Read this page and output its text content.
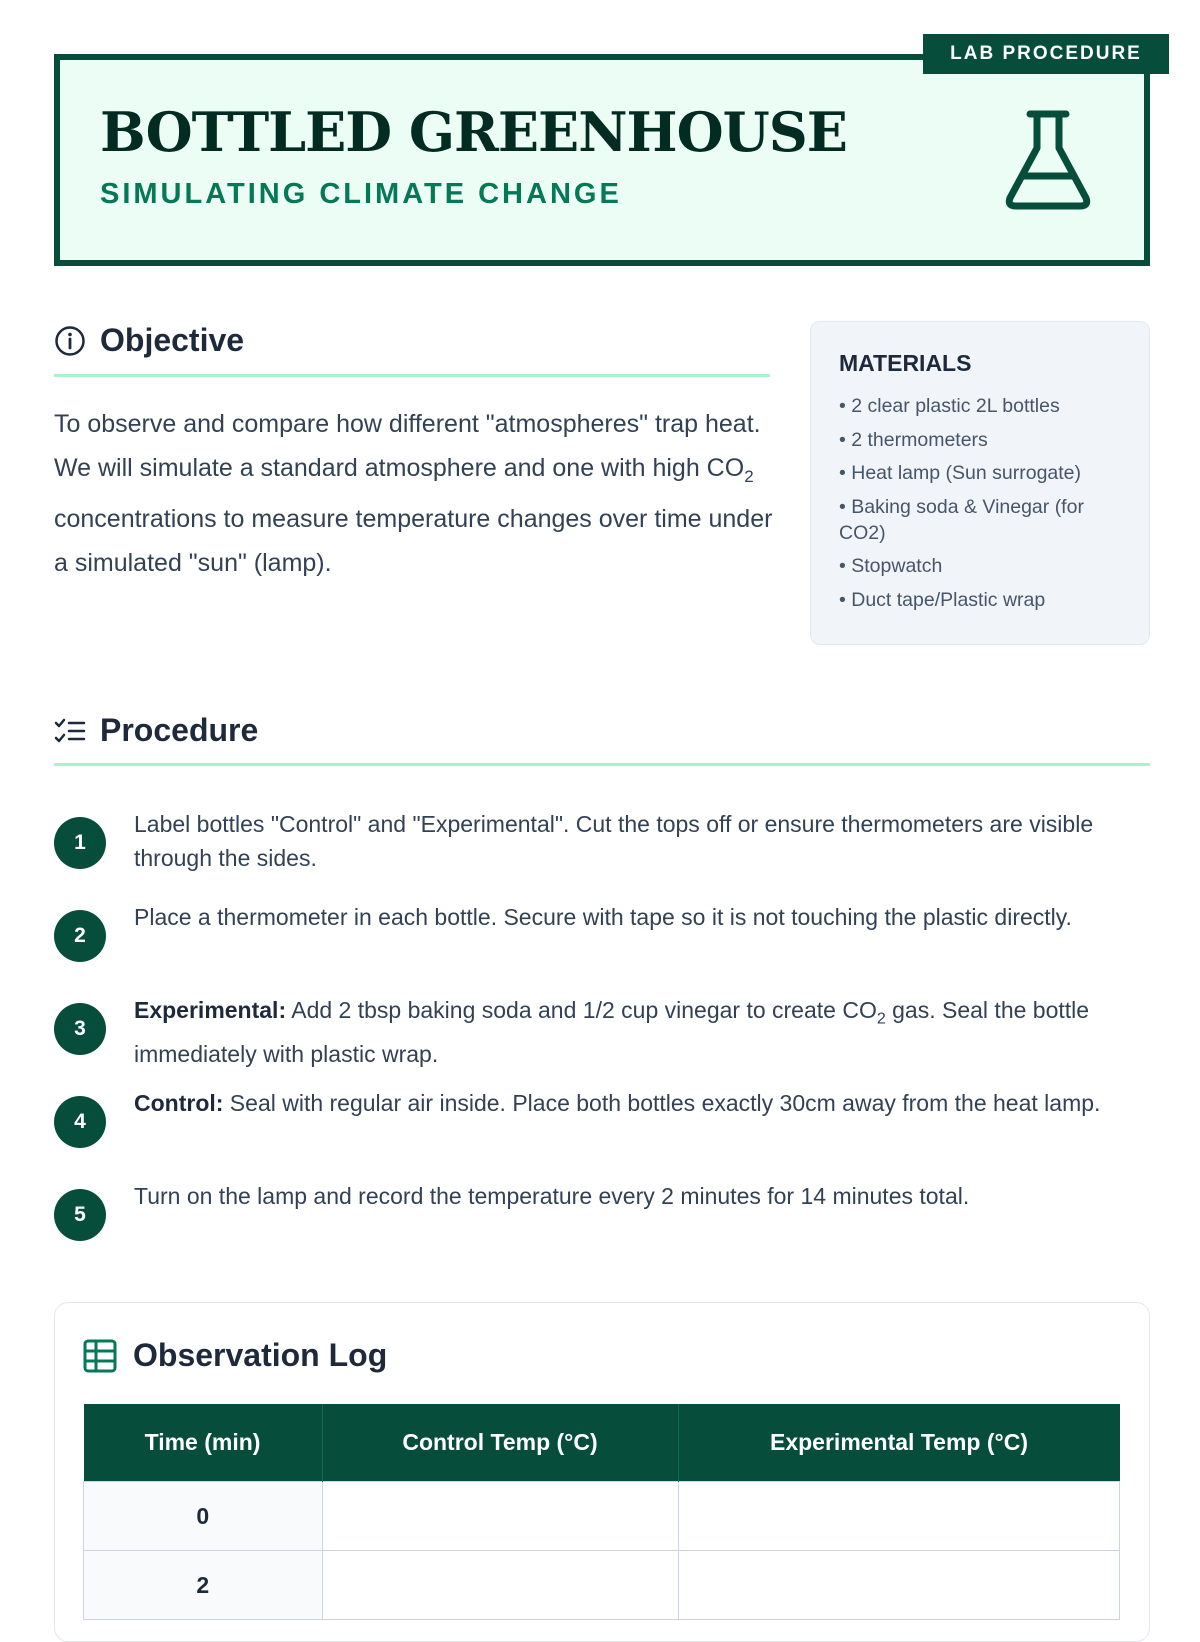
LAB PROCEDURE
BOTTLED GREENHOUSE
SIMULATING CLIMATE CHANGE
Objective
To observe and compare how different "atmospheres" trap heat. We will simulate a standard atmosphere and one with high $CO_2$ concentrations to measure temperature changes over time under a simulated "sun" (lamp).
MATERIALS
• 2 clear plastic 2L bottles
• 2 thermometers
• Heat lamp (Sun surrogate)
• Baking soda & Vinegar (for CO2)
• Stopwatch
• Duct tape/Plastic wrap
Procedure
1
Label bottles "Control" and "Experimental". Cut the tops off or ensure thermometers are visible through the sides.
2
Place a thermometer in each bottle. Secure with tape so it is not touching the plastic directly.
3
Experimental: Add 2 tbsp baking soda and 1/2 cup vinegar to create $CO_2$ gas. Seal the bottle immediately with plastic wrap.
4
Control: Seal with regular air inside. Place both bottles exactly 30cm away from the heat lamp.
5
Turn on the lamp and record the temperature every 2 minutes for 14 minutes total.
Observation Log
Time (min)	Control Temp (°C)	Experimental Temp (°C)
0		
2		
